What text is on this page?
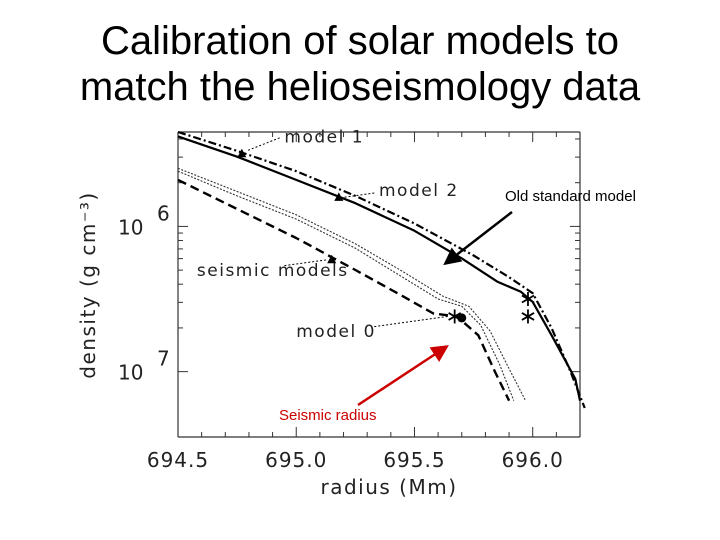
Calibration of solar models to
match the helioseismology data
694.5	695.0	695.5	696.0
10
6
10
7
radius (Mm)
density (g cm⁻³)
model 1
model 2
seismic models
model 0
Old standard model
Seismic radius
